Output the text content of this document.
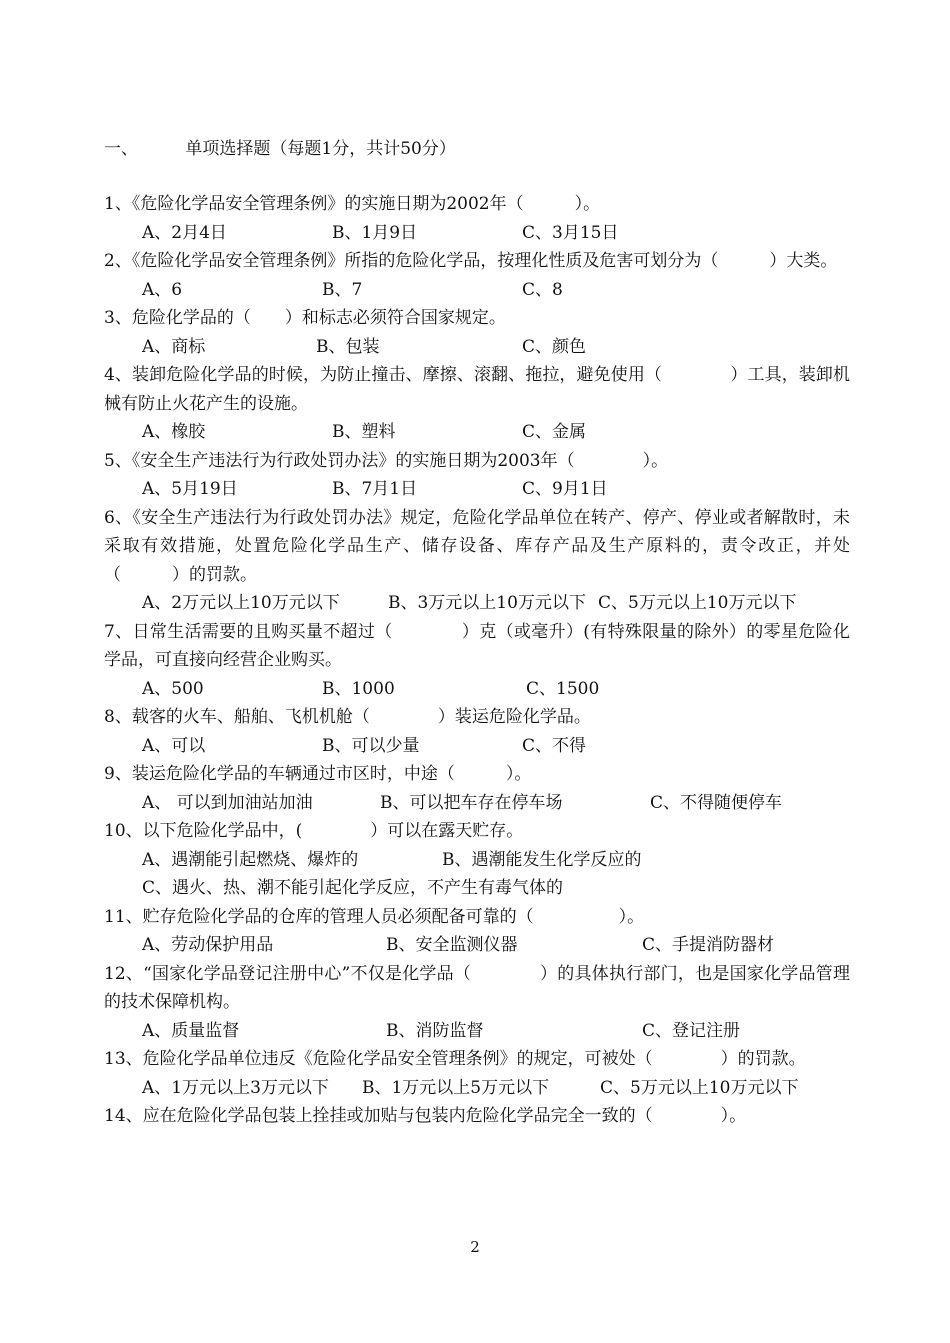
一、	单项选择题（每题1分，共计50分）
1、《危险化学品安全管理条例》的实施日期为2002年（　　　）。
A、2月4日	B、1月9日	C、3月15日
2、《危险化学品安全管理条例》所指的危险化学品，按理化性质及危害可划分为（　　　）大类。
A、6	B、7	C、8
3、危险化学品的（　　）和标志必须符合国家规定。
A、商标	B、包装	C、颜色
4、装卸危险化学品的时候，为防止撞击、摩擦、滚翻、拖拉，避免使用（　　　　）工具，装卸机械有防止火花产生的设施。
A、橡胶	B、塑料	C、金属
5、《安全生产违法行为行政处罚办法》的实施日期为2003年（　　　　）。
A、5月19日	B、7月1日	C、9月1日
6、《安全生产违法行为行政处罚办法》规定，危险化学品单位在转产、停产、停业或者解散时，未采取有效措施，处置危险化学品生产、储存设备、库存产品及生产原料的，责令改正，并处（　　　）的罚款。
A、2万元以上10万元以下	B、3万元以上10万元以下 C、5万元以上10万元以下
7、日常生活需要的且购买量不超过（　　　　）克（或毫升）(有特殊限量的除外）的零星危险化学品，可直接向经营企业购买。
A、500	B、1000	C、1500
8、载客的火车、船舶、飞机机舱（　　　　）装运危险化学品。
A、可以	B、可以少量	C、不得
9、装运危险化学品的车辆通过市区时，中途（　　　）。
A、 可以到加油站加油	B、可以把车存在停车场	C、不得随便停车
10、以下危险化学品中，(　　　　）可以在露天贮存。
A、遇潮能引起燃烧、爆炸的	B、遇潮能发生化学反应的
C、遇火、热、潮不能引起化学反应，不产生有毒气体的
11、贮存危险化学品的仓库的管理人员必须配备可靠的（　　　　　）。
A、劳动保护用品	B、安全监测仪器	C、手提消防器材
12、“国家化学品登记注册中心”不仅是化学品（　　　　）的具体执行部门，也是国家化学品管理的技术保障机构。
A、质量监督	B、消防监督	C、登记注册
13、危险化学品单位违反《危险化学品安全管理条例》的规定，可被处（　　　　）的罚款。
A、1万元以上3万元以下	B、1万元以上5万元以下	C、5万元以上10万元以下
14、应在危险化学品包装上拴挂或加贴与包装内危险化学品完全一致的（　　　　）。
2
